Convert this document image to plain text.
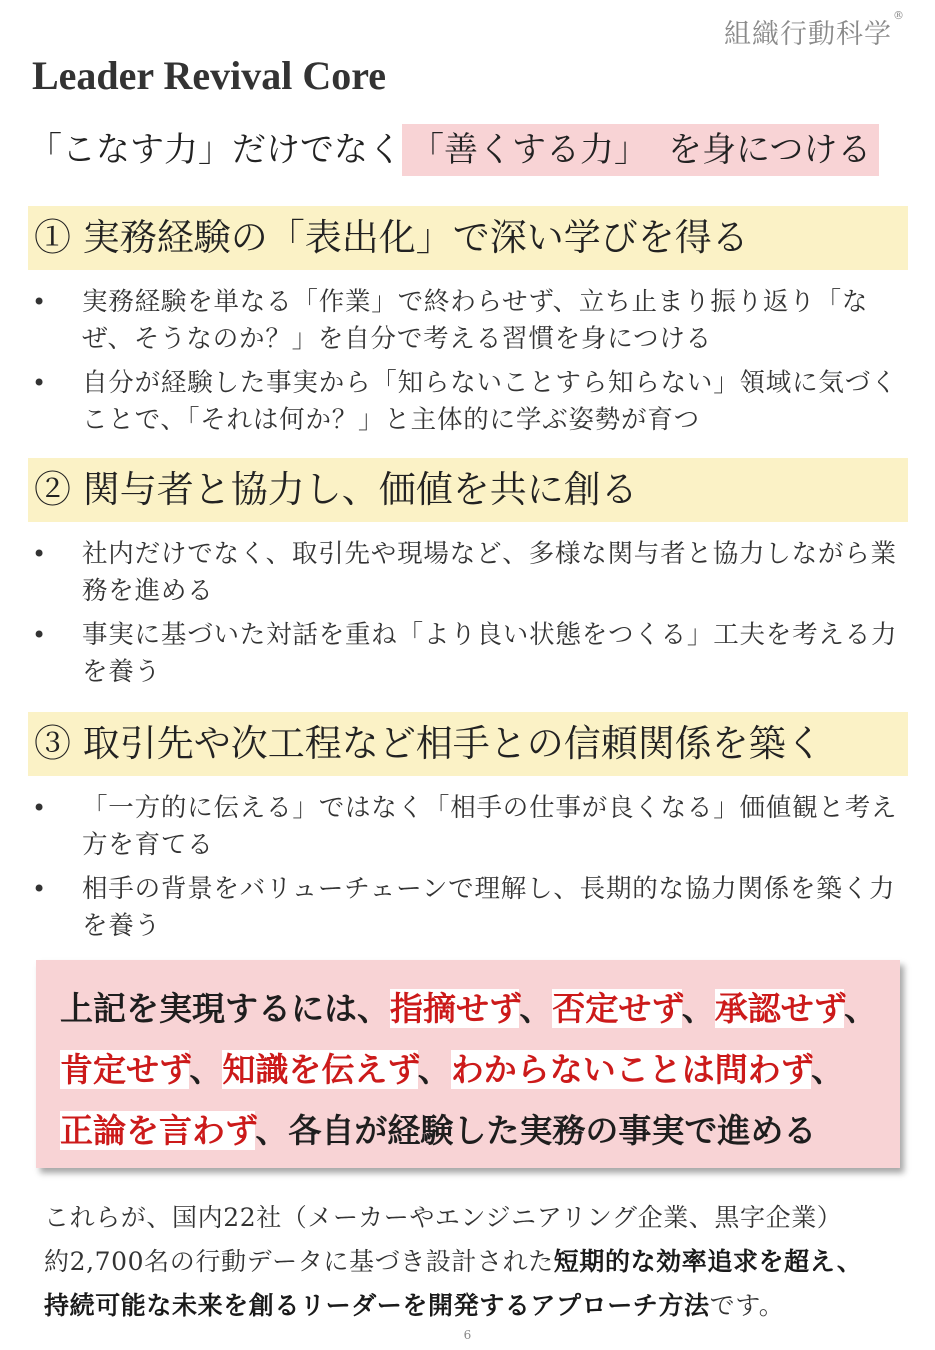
組織行動科学®
Leader Revival Core
「こなす力」だけでなく 「善くする力」 を身につける
① 実務経験の「表出化」で深い学びを得る
• 実務経験を単なる「作業」で終わらせず、立ち止まり振り返り「なぜ、そうなのか？」を自分で考える習慣を身につける
• 自分が経験した事実から「知らないことすら知らない」領域に気づくことで、「それは何か？」と主体的に学ぶ姿勢が育つ
② 関与者と協力し、価値を共に創る
• 社内だけでなく、取引先や現場など、多様な関与者と協力しながら業務を進める
• 事実に基づいた対話を重ね「より良い状態をつくる」工夫を考える力を養う
③ 取引先や次工程など相手との信頼関係を築く
• 「一方的に伝える」ではなく「相手の仕事が良くなる」価値観と考え方を育てる
• 相手の背景をバリューチェーンで理解し、長期的な協力関係を築く力を養う

上記を実現するには、指摘せず、否定せず、承認せず、

肯定せず、知識を伝えず、わからないことは問わず、

正論を言わず、各自が経験した実務の事実で進める

これらが、国内22社（メーカーやエンジニアリング企業、黒字企業）
約2,700名の行動データに基づき設計された短期的な効率追求を超え、
持続可能な未来を創るリーダーを開発するアプローチ方法です。
6
